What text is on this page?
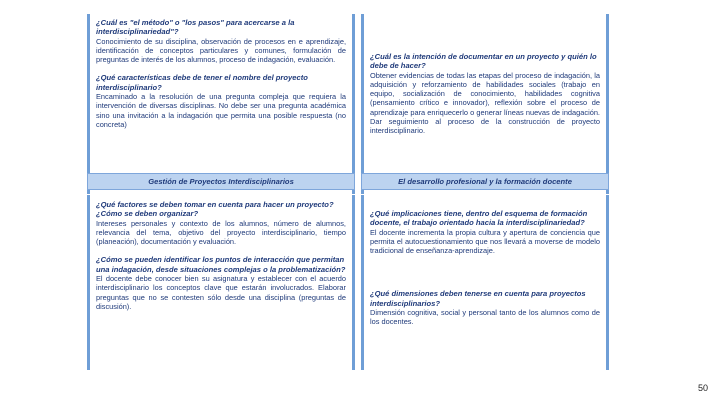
¿Cuál es "el método" o "los pasos" para acercarse a la interdisciplinariedad"?

Conocimiento de su disciplina, observación de procesos en e aprendizaje, identificación de conceptos particulares y comunes, formulación de preguntas de interés de los alumnos, proceso de indagación, evaluación.

¿Qué características debe de tener el nombre del proyecto interdisciplinario?

Encaminado a la resolución de una pregunta compleja que requiera la intervención de diversas disciplinas. No debe ser una pregunta académica sino una invitación a la indagación que permita una posible respuesta (no concreta)

¿Cuál es la intención de documentar en un proyecto y quién lo debe de hacer?

Obtener evidencias de todas las etapas del proceso de indagación, la adquisición y reforzamiento de habilidades sociales (trabajo en equipo, socialización de conocimiento, habilidades cognitiva (pensamiento crítico e innovador), reflexión sobre el proceso de aprendizaje para enriquecerlo o generar líneas nuevas de indagación. Dar seguimiento al proceso de la construcción de proyecto interdisciplinario.

Gestión de Proyectos Interdisciplinarios	El desarrollo profesional y la formación docente

¿Qué factores se deben tomar en cuenta para hacer un proyecto? ¿Cómo se deben organizar?

Intereses personales y contexto de los alumnos, número de alumnos, relevancia del tema, objetivo del proyecto interdisciplinario, tiempo (planeación), documentación y evaluación.

¿Cómo se pueden identificar los puntos de interacción que permitan una indagación, desde situaciones complejas o la problematización?

El docente debe conocer bien su asignatura y establecer con el acuerdo interdisciplinario los conceptos clave que estarán involucrados. Elaborar preguntas que no se contesten sólo desde una disciplina (preguntas de discusión).

¿Qué implicaciones tiene, dentro del esquema de formación docente, el trabajo orientado hacia la interdisciplinariedad?

El docente incrementa la propia cultura y apertura de conciencia que permita el autocuestionamiento que nos llevará a moverse de modelo tradicional de enseñanza-aprendizaje.

¿Qué dimensiones deben tenerse en cuenta para proyectos interdisciplinarios?

Dimensión cognitiva, social y personal tanto de los alumnos como de los docentes.

50
